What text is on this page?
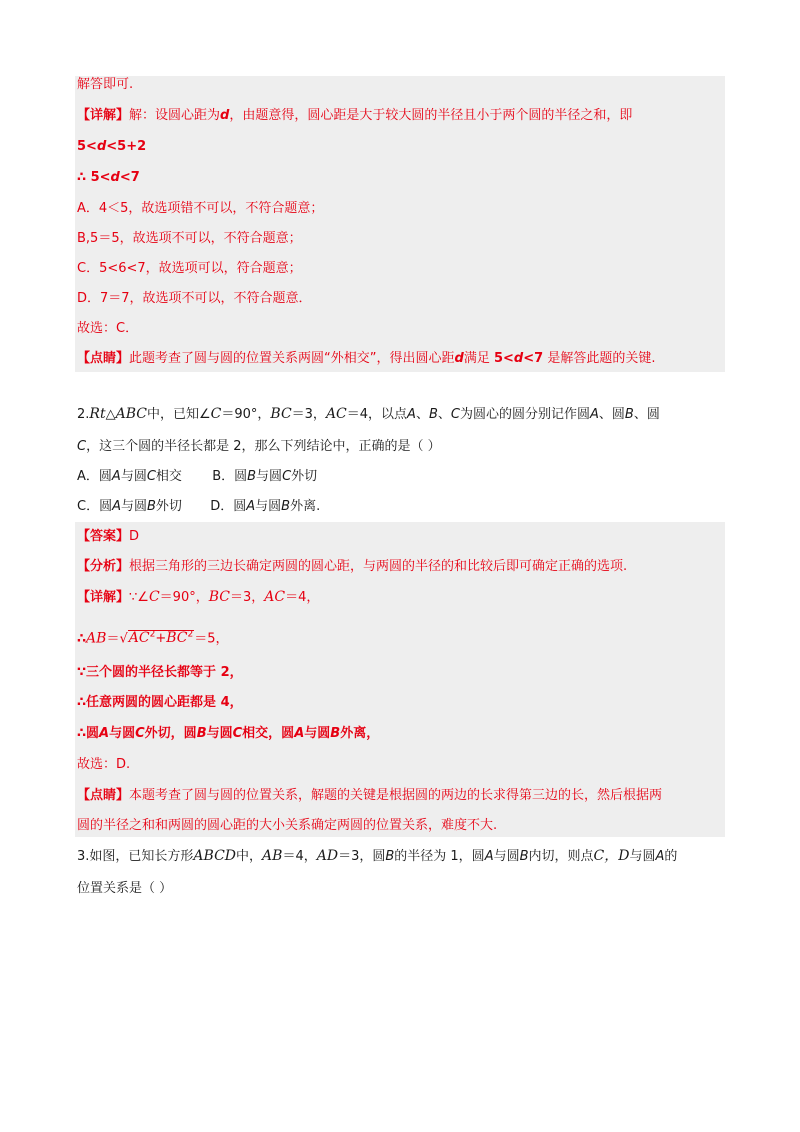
解答即可.
【详解】解：设圆心距为d，由题意得，圆心距是大于较大圆的半径且小于两个圆的半径之和，即
5<d<5+2
∴ 5<d<7
A．4＜5，故选项错不可以，不符合题意；
B,5＝5，故选项不可以，不符合题意；
C．5<6<7，故选项可以，符合题意；
D．7＝7，故选项不可以，不符合题意．
故选：C．
【点睛】此题考查了圆与圆的位置关系两圆“外相交”，得出圆心距d满足 5<d<7 是解答此题的关键.
2.Rt△ABC中，已知∠C＝90°，BC＝3，AC＝4，以点A、B、C为圆心的圆分别记作圆A、圆B、圆
C，这三个圆的半径长都是 2，那么下列结论中，正确的是（ ）
A．圆A与圆C相交 B．圆B与圆C外切
C．圆A与圆B外切 D．圆A与圆B外离.
【答案】D
【分析】根据三角形的三边长确定两圆的圆心距，与两圆的半径的和比较后即可确定正确的选项.
【详解】∵∠C＝90°，BC＝3，AC＝4，
$\therefore AB=√AC^2+BC^2=5$，
∵三个圆的半径长都等于 2，
∴任意两圆的圆心距都是 4，
∴圆A与圆C外切，圆B与圆C相交，圆A与圆B外离，
故选：D.
【点睛】本题考查了圆与圆的位置关系，解题的关键是根据圆的两边的长求得第三边的长，然后根据两
圆的半径之和和两圆的圆心距的大小关系确定两圆的位置关系，难度不大.
3.如图，已知长方形ABCD中，AB＝4，AD＝3，圆B的半径为 1，圆A与圆B内切，则点C，D与圆A的
位置关系是（ ）
